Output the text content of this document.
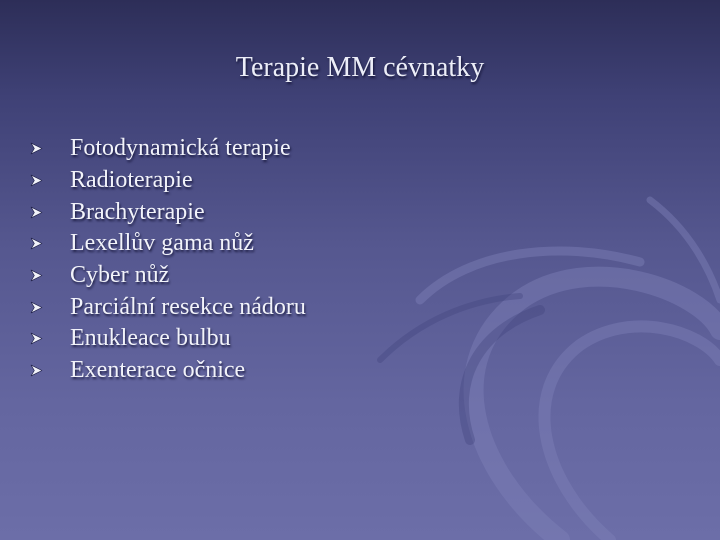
Terapie MM cévnatky
Fotodynamická terapie
Radioterapie
Brachyterapie
Lexellův gama nůž
Cyber nůž
Parciální resekce nádoru
Enukleace bulbu
Exenterace očnice
